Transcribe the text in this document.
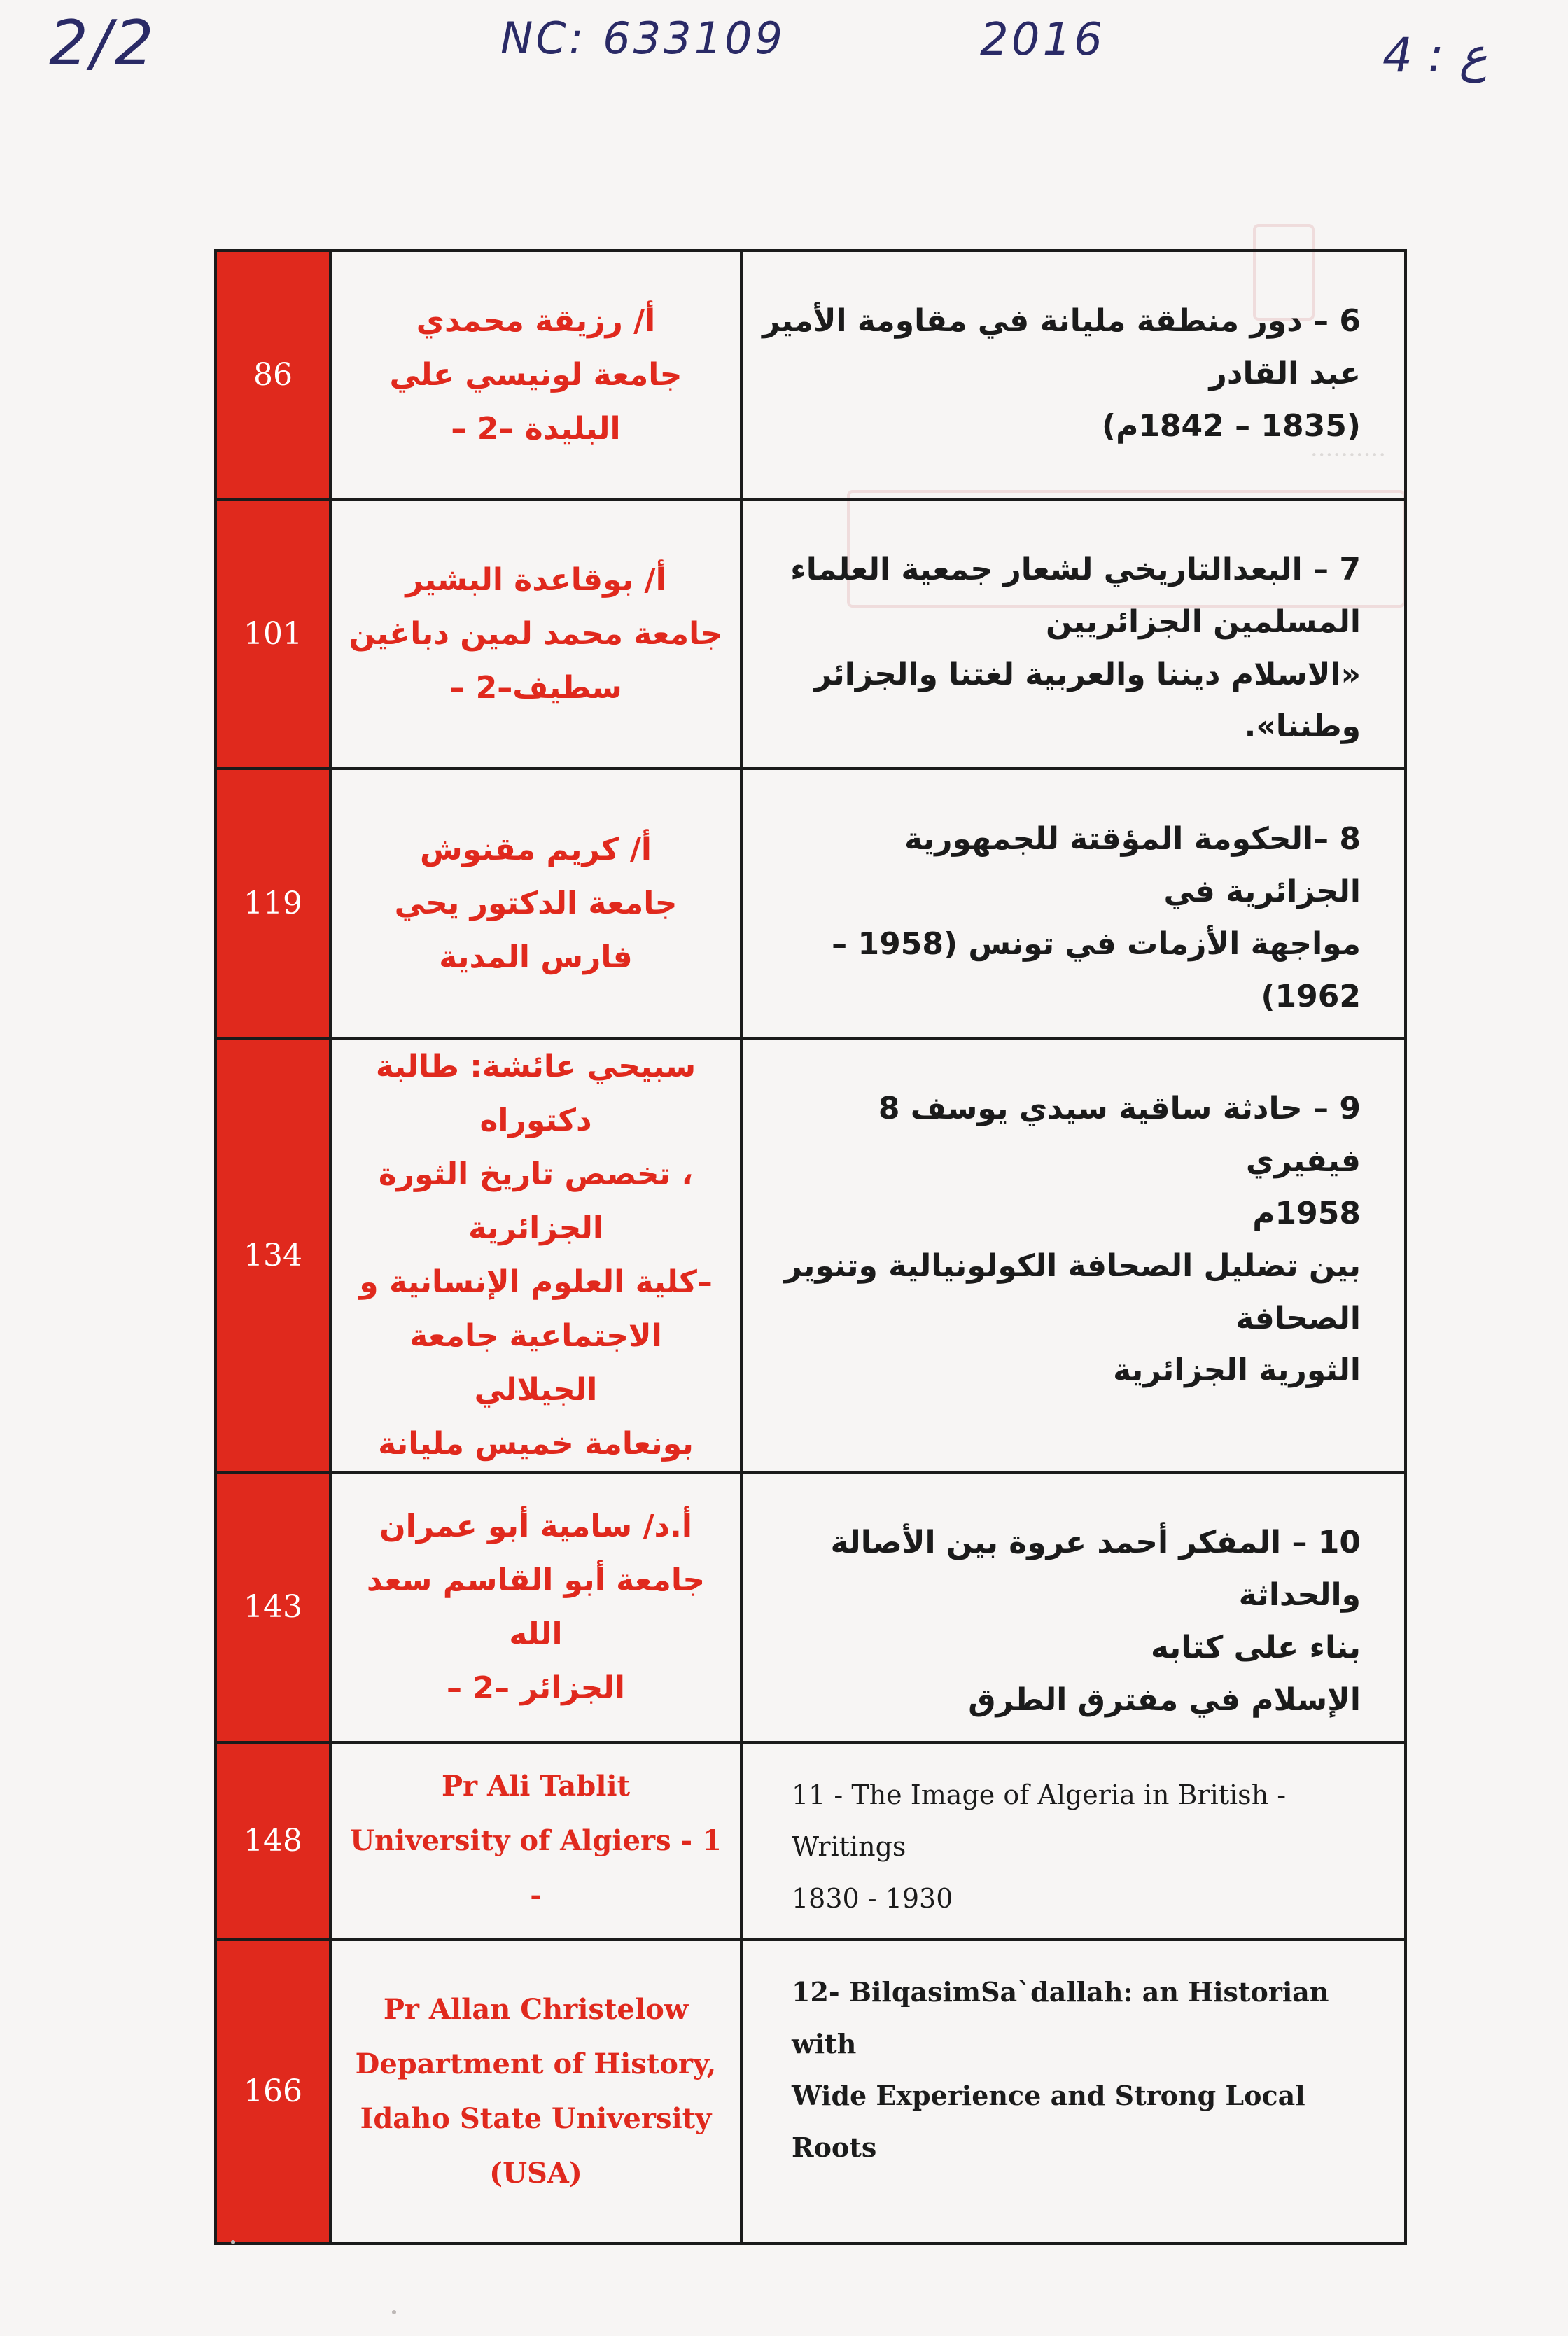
..........
2/2	NC: 633109	2016	ع : 4
86	أ/ رزيقة محمدي
جامعة لونيسي علي
البليدة –2 –	6 – دور منطقة مليانة في مقاومة الأمير عبد القادر
(1835 – 1842م)

101	أ/ بوقاعدة البشير
جامعة محمد لمين دباغين
سطيف–2 –	7 – البعدالتاريخي لشعار جمعية العلماء
المسلمين الجزائريين
«الاسلام ديننا والعربية لغتنا والجزائر وطننا».

119	أ/ كريم مقنوش
جامعة الدكتور يحي فارس المدية	8 –الحكومة المؤقتة للجمهورية الجزائرية في
مواجهة الأزمات في تونس (1958 – 1962)

134	سبيحي عائشة: طالبة دكتوراه
، تخصص تاريخ الثورة الجزائرية
–كلية العلوم الإنسانية و
الاجتماعية جامعة الجيلالي
بونعامة خميس مليانة	9 – حادثة ساقية سيدي يوسف 8 فيفيري
1958م
بين تضليل الصحافة الكولونيالية وتنوير الصحافة
الثورية الجزائرية

143	أ.د/ سامية أبو عمران
جامعة أبو القاسم سعد الله
الجزائر –2 –	10 – المفكر أحمد عروة بين الأصالة والحداثة
بناء على كتابه
الإسلام في مفترق الطرق

148	Pr Ali Tablit
University of Algiers - 1 -	11 - The Image of Algeria in British -Writings
1830 - 1930

166	Pr Allan Christelow
Department of History,
Idaho State University
(USA)	12- BilqasimSa`dallah: an Historian with
Wide Experience and Strong Local Roots
